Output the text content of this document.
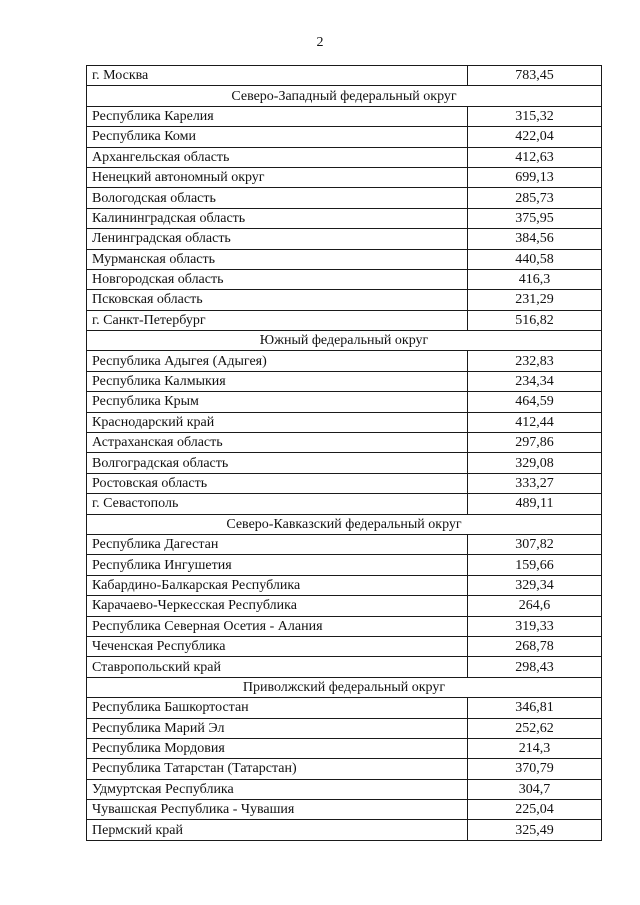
2
г. Москва	783,45
Северо-Западный федеральный округ	
Республика Карелия	315,32
Республика Коми	422,04
Архангельская область	412,63
Ненецкий автономный округ	699,13
Вологодская область	285,73
Калининградская область	375,95
Ленинградская область	384,56
Мурманская область	440,58
Новгородская область	416,3
Псковская область	231,29
г. Санкт-Петербург	516,82
Южный федеральный округ	
Республика Адыгея (Адыгея)	232,83
Республика Калмыкия	234,34
Республика Крым	464,59
Краснодарский край	412,44
Астраханская область	297,86
Волгоградская область	329,08
Ростовская область	333,27
г. Севастополь	489,11
Северо-Кавказский федеральный округ	
Республика Дагестан	307,82
Республика Ингушетия	159,66
Кабардино-Балкарская Республика	329,34
Карачаево-Черкесская Республика	264,6
Республика Северная Осетия - Алания	319,33
Чеченская Республика	268,78
Ставропольский край	298,43
Приволжский федеральный округ	
Республика Башкортостан	346,81
Республика Марий Эл	252,62
Республика Мордовия	214,3
Республика Татарстан (Татарстан)	370,79
Удмуртская Республика	304,7
Чувашская Республика - Чувашия	225,04
Пермский край	325,49
